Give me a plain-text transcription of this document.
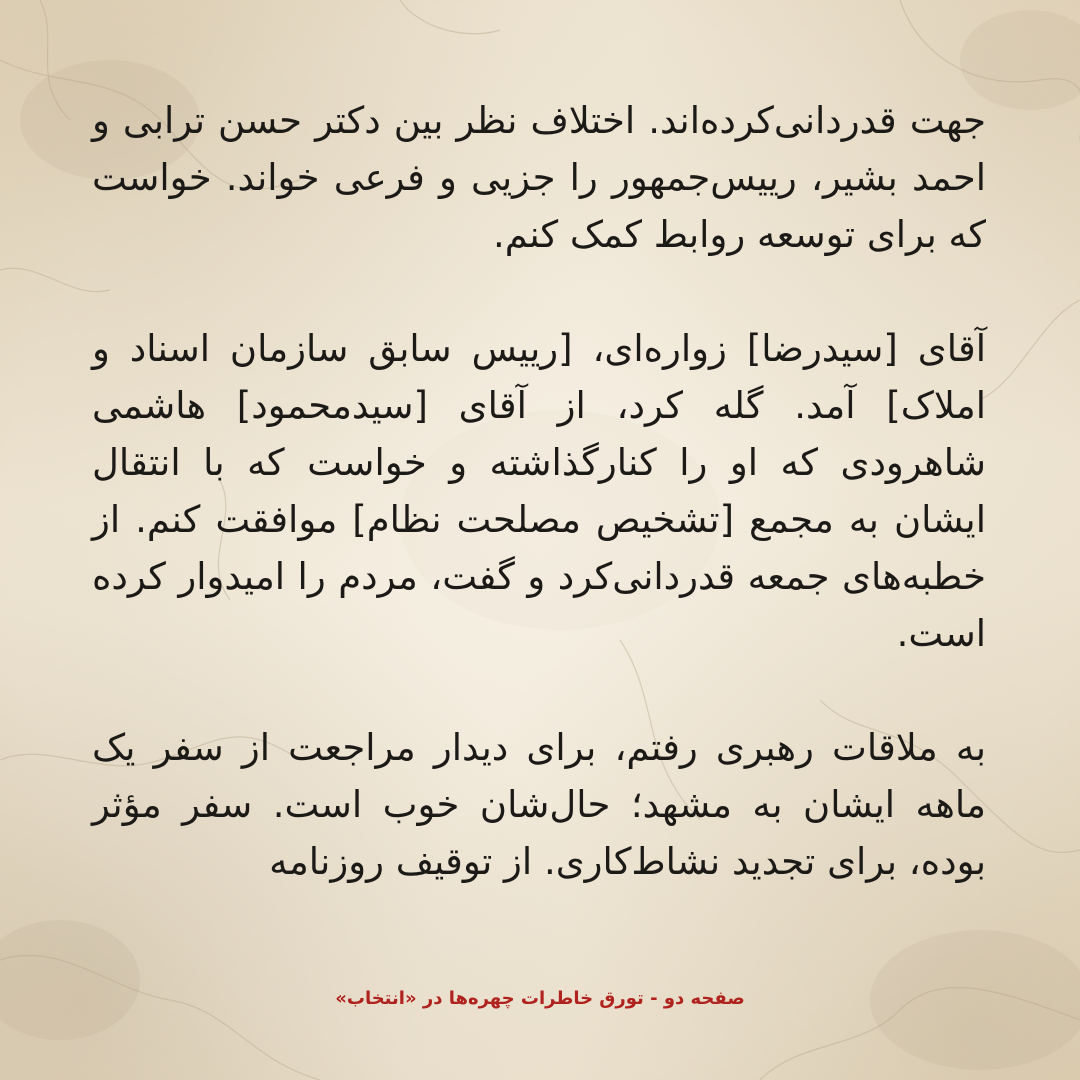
جهت قدردانی‌کرده‌اند. اختلاف نظر بین دکتر حسن ترابی و احمد بشیر، رییس‌جمهور را جزیی و فرعی خواند. خواست که برای توسعه روابط کمک کنم.

آقای [سیدرضا] زواره‌ای، [رییس سابق سازمان اسناد و املاک] آمد. گله کرد، از آقای [سیدمحمود] هاشمی شاهرودی که او را کنارگذاشته و خواست که با انتقال ایشان به مجمع [تشخیص مصلحت نظام] موافقت کنم. از خطبه‌های جمعه قدردانی‌کرد و گفت، مردم را امیدوار کرده است.

به ملاقات رهبری رفتم، برای دیدار مراجعت از سفر یک ماهه ایشان به مشهد؛ حال‌شان خوب است. سفر مؤثر بوده، برای تجدید نشاط‌کاری. از توقیف روزنامه

صفحه دو - تورق خاطرات چهره‌ها در «انتخاب»
